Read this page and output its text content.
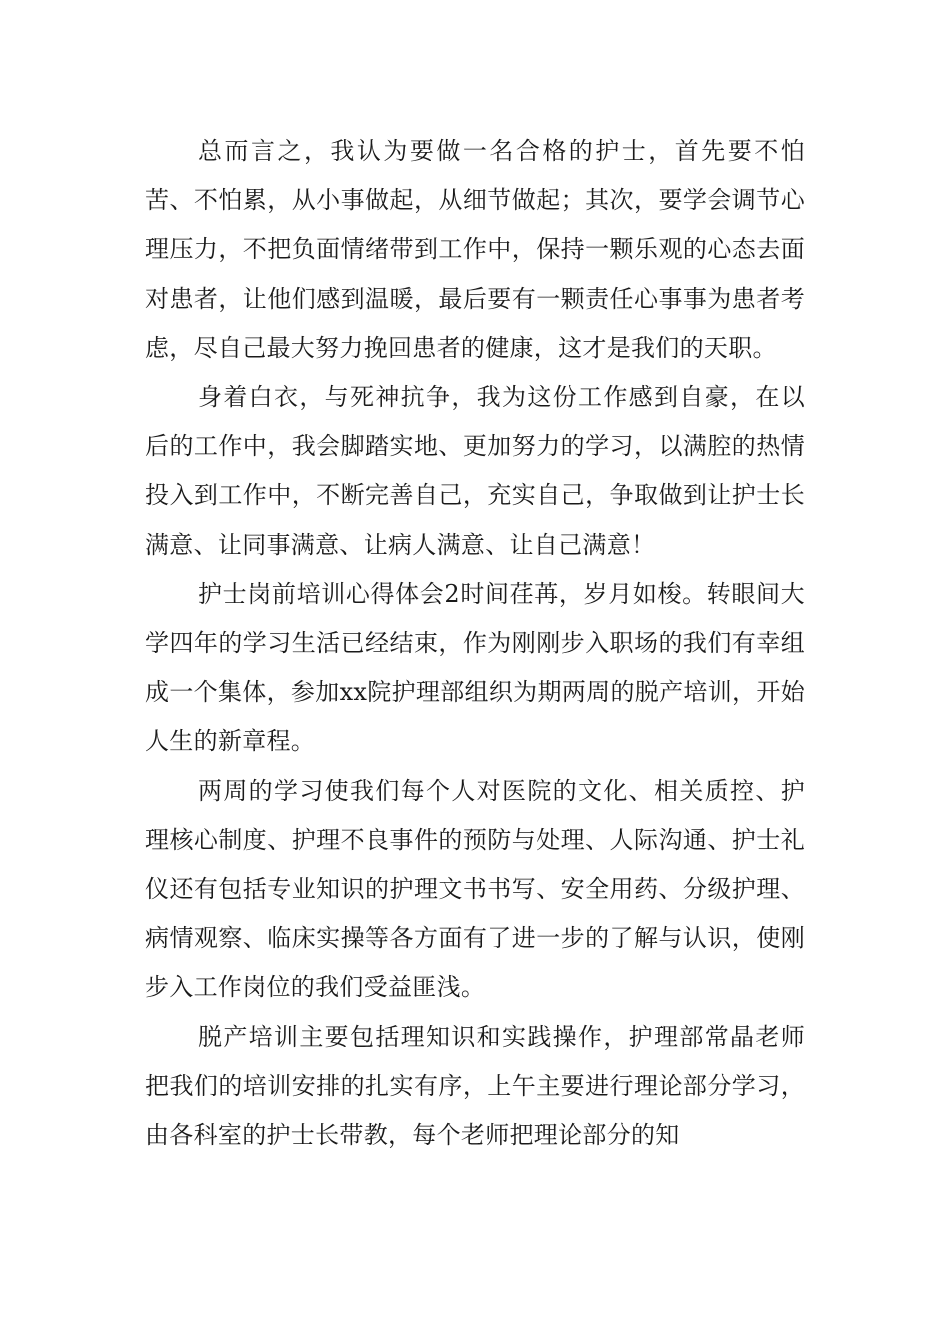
总而言之，我认为要做一名合格的护士，首先要不怕苦、不怕累，从小事做起，从细节做起；其次，要学会调节心理压力，不把负面情绪带到工作中，保持一颗乐观的心态去面对患者，让他们感到温暖，最后要有一颗责任心事事为患者考虑，尽自己最大努力挽回患者的健康，这才是我们的天职。

身着白衣，与死神抗争，我为这份工作感到自豪，在以后的工作中，我会脚踏实地、更加努力的学习，以满腔的热情投入到工作中，不断完善自己，充实自己，争取做到让护士长满意、让同事满意、让病人满意、让自己满意！

护士岗前培训心得体会2时间荏苒，岁月如梭。转眼间大学四年的学习生活已经结束，作为刚刚步入职场的我们有幸组成一个集体，参加xx院护理部组织为期两周的脱产培训，开始人生的新章程。

两周的学习使我们每个人对医院的文化、相关质控、护理核心制度、护理不良事件的预防与处理、人际沟通、护士礼仪还有包括专业知识的护理文书书写、安全用药、分级护理、病情观察、临床实操等各方面有了进一步的了解与认识，使刚步入工作岗位的我们受益匪浅。

脱产培训主要包括理知识和实践操作，护理部常晶老师把我们的培训安排的扎实有序，上午主要进行理论部分学习，由各科室的护士长带教，每个老师把理论部分的知
